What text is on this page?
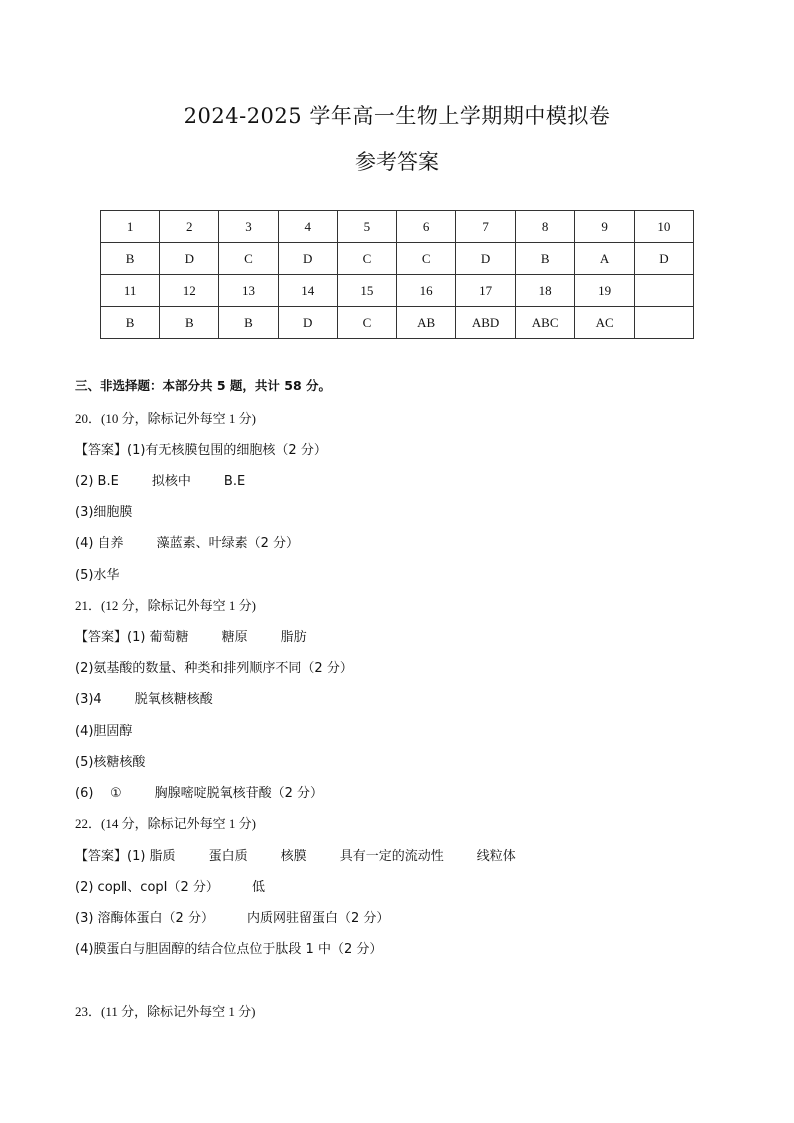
2024-2025 学年高一生物上学期期中模拟卷
参考答案
1	2	3	4	5	6	7	8	9	10
B	D	C	D	C	C	D	B	A	D
11	12	13	14	15	16	17	18	19	
B	B	B	D	C	AB	ABD	ABC	AC	
三、非选择题：本部分共 5 题，共计 58 分。
20．(10 分，除标记外每空 1 分)
【答案】(1)有无核膜包围的细胞核（2 分）
(2) B.E        拟核中        B.E
(3)细胞膜
(4) 自养        藻蓝素、叶绿素（2 分）
(5)水华
21．(12 分，除标记外每空 1 分)
【答案】(1) 葡萄糖        糖原        脂肪
(2)氨基酸的数量、种类和排列顺序不同（2 分）
(3)4        脱氧核糖核酸
(4)胆固醇
(5)核糖核酸
(6)    ①        胸腺嘧啶脱氧核苷酸（2 分）
22．(14 分，除标记外每空 1 分)
【答案】(1) 脂质        蛋白质        核膜        具有一定的流动性        线粒体
(2) copⅡ、copⅠ（2 分）        低
(3) 溶酶体蛋白（2 分）        内质网驻留蛋白（2 分）
(4)膜蛋白与胆固醇的结合位点位于肽段 1 中（2 分）
23．(11 分，除标记外每空 1 分)
